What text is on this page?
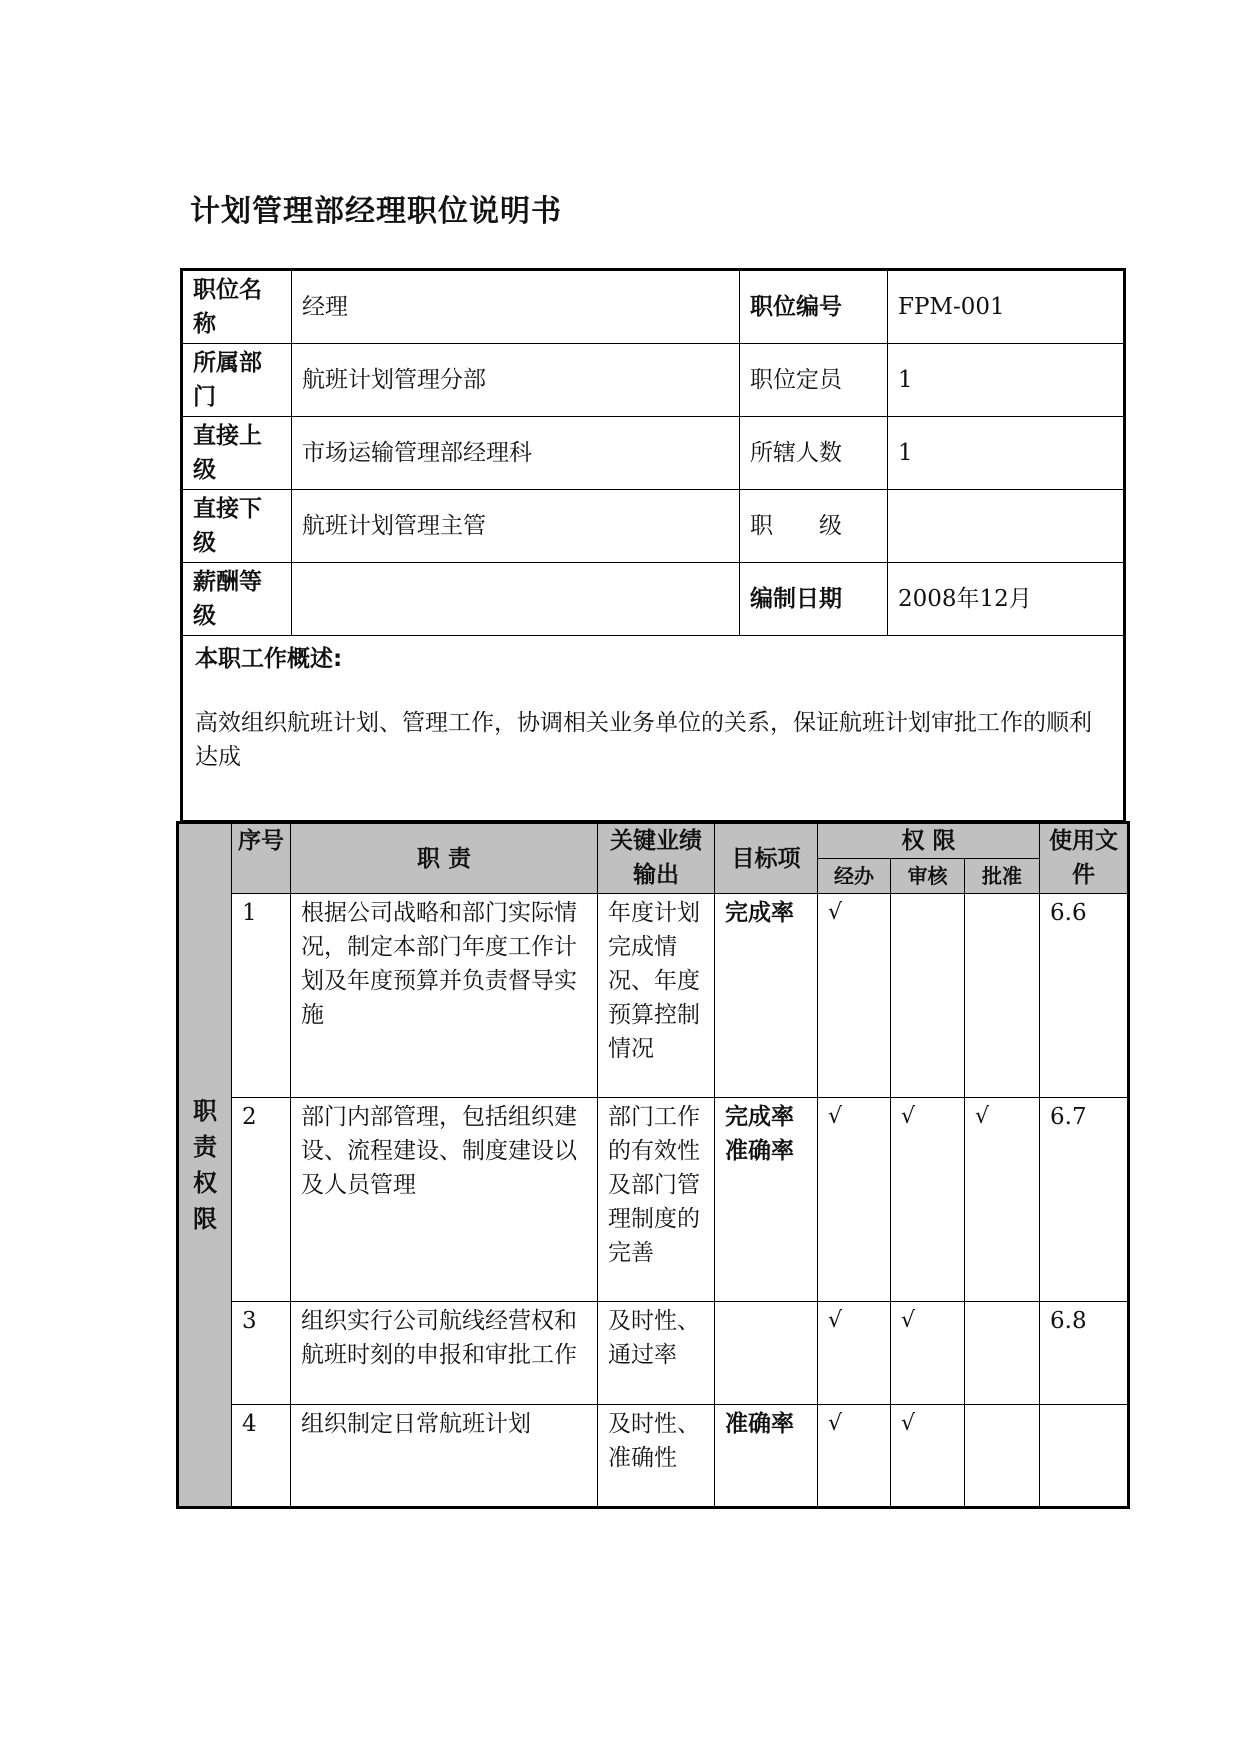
计划管理部经理职位说明书
职位名称	经理	职位编号	FPM-001
所属部门	航班计划管理分部	职位定员	1
直接上级	市场运输管理部经理科	所辖人数	1
直接下级	航班计划管理主管	职　　级	
薪酬等级		编制日期	2008年12月

本职工作概述:
高效组织航班计划、管理工作，协调相关业务单位的关系，保证航班计划审批工作的顺利达成			
职责权限	序号	职 责	关键业绩输出	目标项	权 限			使用文件
					经办	审核	批准	
	1	根据公司战略和部门实际情况，制定本部门年度工作计划及年度预算并负责督导实施	年度计划完成情况、年度预算控制情况	完成率	√			6.6
	2	部门内部管理，包括组织建设、流程建设、制度建设以及人员管理	部门工作的有效性及部门管理制度的完善	完成率准确率	√	√	√	6.7
	3	组织实行公司航线经营权和航班时刻的申报和审批工作	及时性、通过率		√	√		6.8
	4	组织制定日常航班计划	及时性、准确性	准确率	√	√		
